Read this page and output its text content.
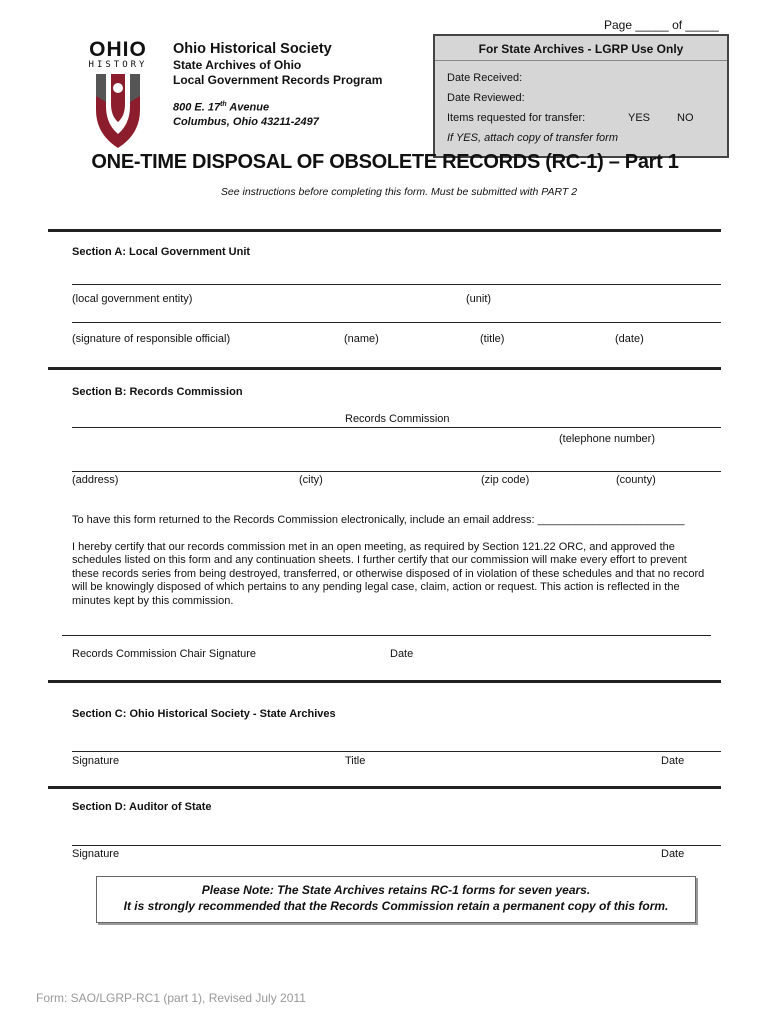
Page _____ of _____
OHIO
HISTORY
Ohio Historical Society
State Archives of Ohio
Local Government Records Program
800 E. 17th Avenue
Columbus, Ohio 43211-2497
For State Archives - LGRP Use Only
Date Received:
Date Reviewed:
Items requested for transfer:	YES NO
If YES, attach copy of transfer form
ONE-TIME DISPOSAL OF OBSOLETE RECORDS (RC-1) – Part 1
See instructions before completing this form. Must be submitted with PART 2
Section A: Local Government Unit
(local government entity)	(unit)
(signature of responsible official)	(name)	(title)	(date)
Section B: Records Commission
Records Commission
(telephone number)
(address)	(city)	(zip code)	(county)
To have this form returned to the Records Commission electronically, include an email address: ________________________
I hereby certify that our records commission met in an open meeting, as required by Section 121.22 ORC, and approved the
schedules listed on this form and any continuation sheets. I further certify that our commission will make every effort to prevent
these records series from being destroyed, transferred, or otherwise disposed of in violation of these schedules and that no record
will be knowingly disposed of which pertains to any pending legal case, claim, action or request. This action is reflected in the
minutes kept by this commission.
Records Commission Chair Signature	Date
Section C: Ohio Historical Society - State Archives
Signature	Title	Date
Section D: Auditor of State
Signature	Date
Please Note: The State Archives retains RC-1 forms for seven years.
It is strongly recommended that the Records Commission retain a permanent copy of this form.
Form: SAO/LGRP-RC1 (part 1), Revised July 2011
